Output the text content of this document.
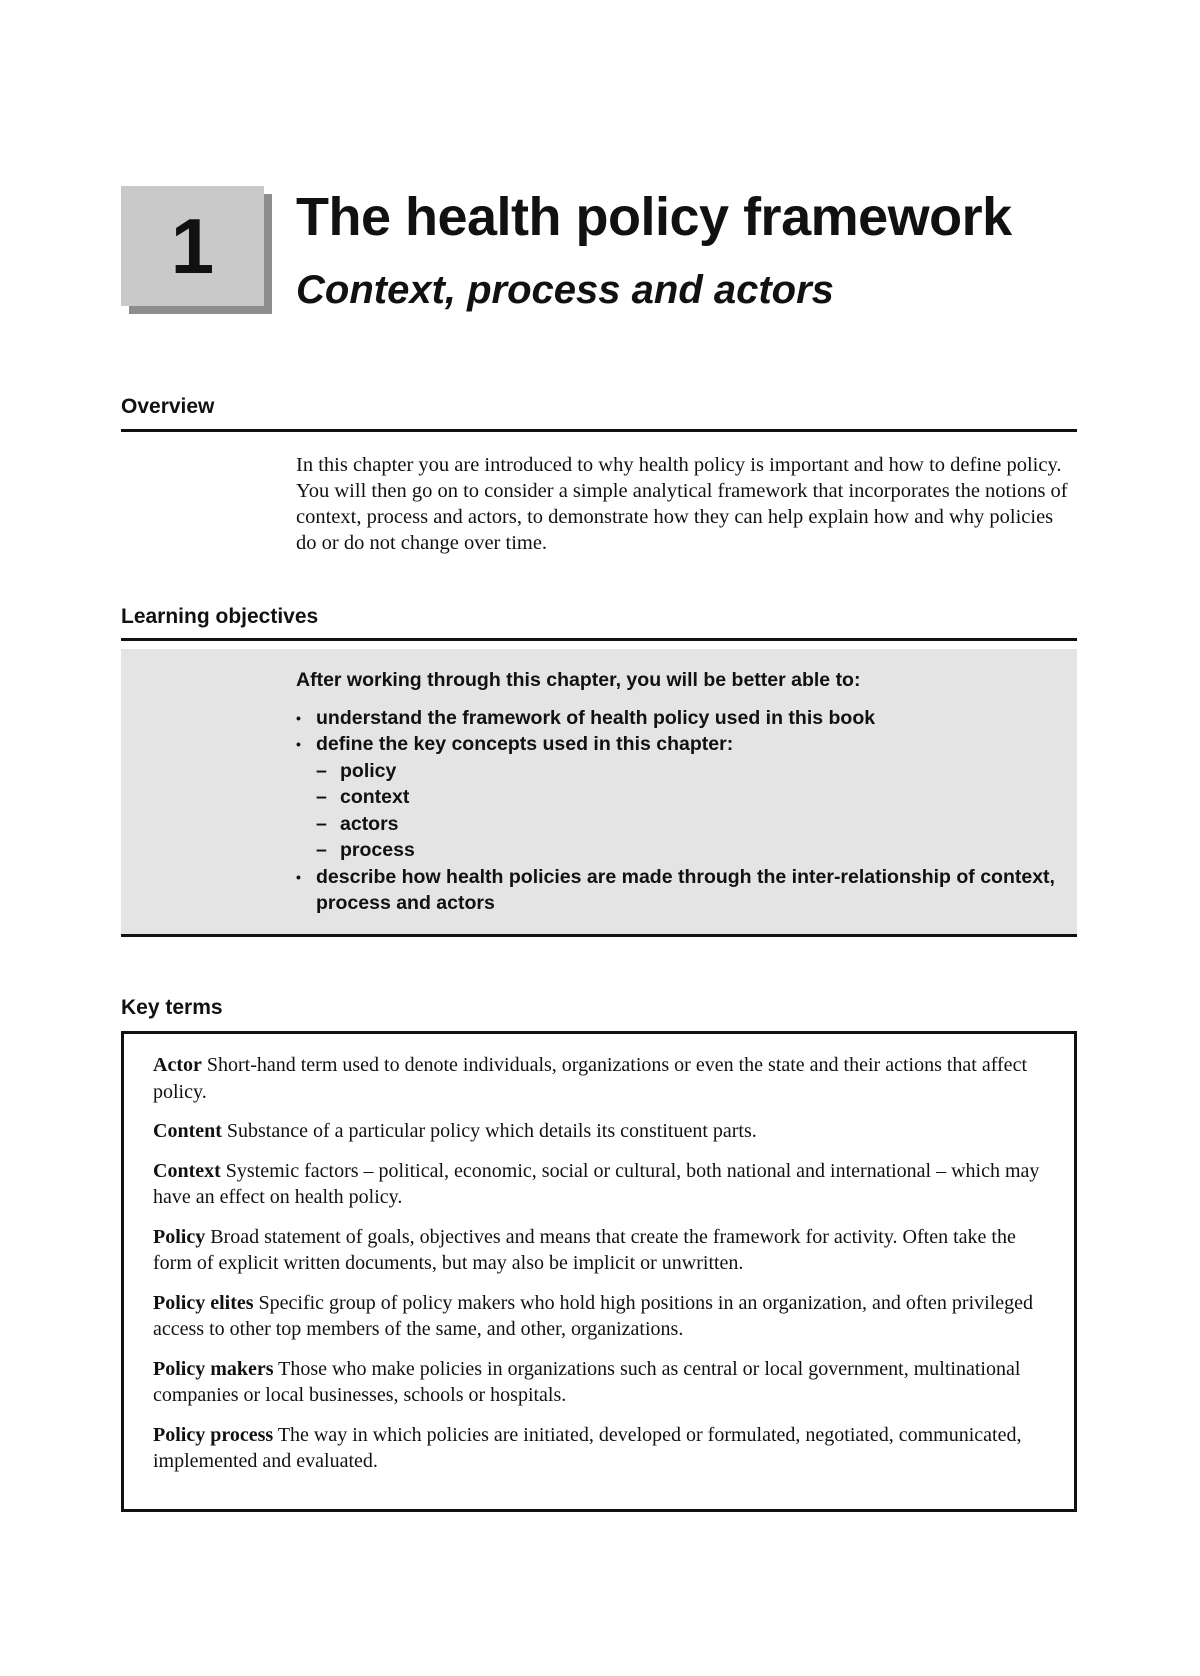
1 The health policy framework
Context, process and actors
Overview

In this chapter you are introduced to why health policy is important and how to define policy. You will then go on to consider a simple analytical framework that incorporates the notions of context, process and actors, to demonstrate how they can help explain how and why policies do or do not change over time.

Learning objectives

After working through this chapter, you will be better able to:

• understand the framework of health policy used in this book
• define the key concepts used in this chapter:
– policy
– context
– actors
– process
• describe how health policies are made through the inter-relationship of context, process and actors
Key terms

Actor Short-hand term used to denote individuals, organizations or even the state and their actions that affect policy.

Content Substance of a particular policy which details its constituent parts.

Context Systemic factors – political, economic, social or cultural, both national and international – which may have an effect on health policy.

Policy Broad statement of goals, objectives and means that create the framework for activity. Often take the form of explicit written documents, but may also be implicit or unwritten.

Policy elites Specific group of policy makers who hold high positions in an organization, and often privileged access to other top members of the same, and other, organizations.

Policy makers Those who make policies in organizations such as central or local government, multinational companies or local businesses, schools or hospitals.

Policy process The way in which policies are initiated, developed or formulated, negotiated, communicated, implemented and evaluated.
